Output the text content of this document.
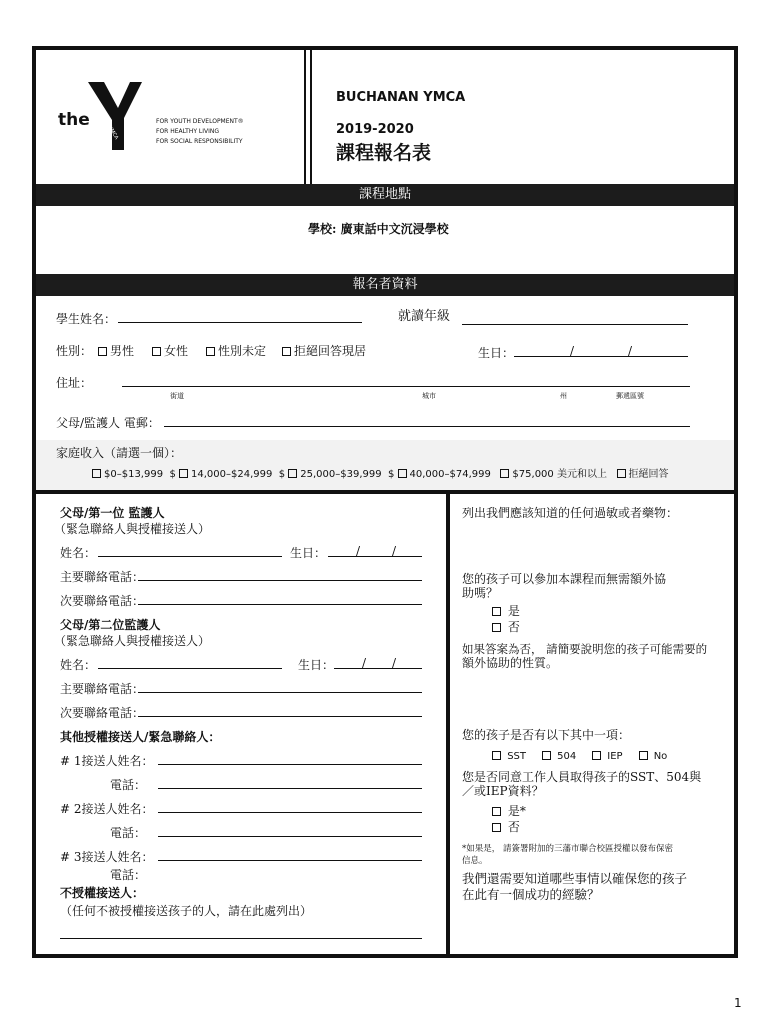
the
YMCA
FOR YOUTH DEVELOPMENT®
FOR HEALTHY LIVING
FOR SOCIAL RESPONSIBILITY
BUCHANAN YMCA
2019-2020
課程報名表
課程地點
學校: 廣東話中文沉浸學校
報名者資料
學生姓名：	就讀年級
性別：	男性	女性	性別未定	拒絕回答現居	生日：	/	/
住址：
街道	城市	州	郵遞區號
父母/監護人 電郵：
家庭收入（請選一個）：
$0–$13,999 $ 14,000–$24,999 $ 25,000–$39,999 $ 40,000–$74,999 $75,000 美元和以上 拒絕回答
父母/第一位 監護人
（緊急聯絡人與授權接送人）
姓名：	生日： /	/
主要聯絡電話：
次要聯絡電話：
父母/第二位監護人
（緊急聯絡人與授權接送人）
姓名：	生日： / /
主要聯絡電話：
次要聯絡電話：
其他授權接送人/緊急聯絡人：
# 1接送人姓名：
電話：
# 2接送人姓名：
電話：
# 3接送人姓名：
電話：
不授權接送人：
（任何不被授權接送孩子的人，請在此處列出）
列出我們應該知道的任何過敏或者藥物：
您的孩子可以參加本課程而無需額外協
助嗎？
是
否
如果答案為否， 請簡要說明您的孩子可能需要的
額外協助的性質。
您的孩子是否有以下其中一項：
SST	504	IEP	No
您是否同意工作人員取得孩子的SST、504與
／或IEP資料？
是*
否
*如果是， 請簽署附加的三藩市聯合校區授權以發布保密
信息。
我們還需要知道哪些事情以確保您的孩子
在此有一個成功的經驗？
1
